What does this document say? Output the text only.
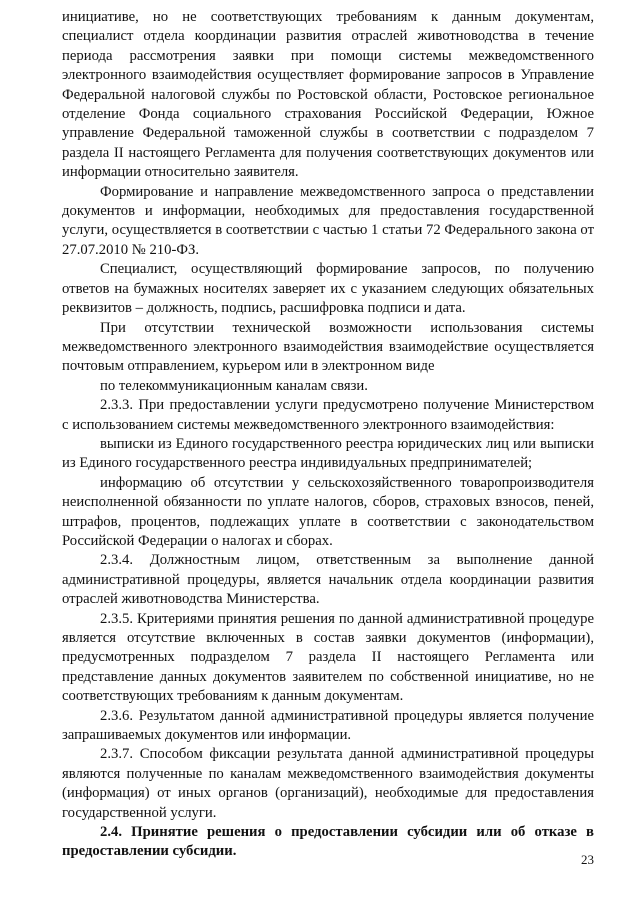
инициативе, но не соответствующих требованиям к данным документам, специалист отдела координации развития отраслей животноводства в течение периода рассмотрения заявки при помощи системы межведомственного электронного взаимодействия осуществляет формирование запросов в Управление Федеральной налоговой службы по Ростовской области, Ростовское региональное отделение Фонда социального страхования Российской Федерации, Южное управление Федеральной таможенной службы в соответствии с подразделом 7 раздела II настоящего Регламента для получения соответствующих документов или информации относительно заявителя.

Формирование и направление межведомственного запроса о представлении документов и информации, необходимых для предоставления государственной услуги, осуществляется в соответствии с частью 1 статьи 72 Федерального закона от 27.07.2010 № 210-ФЗ.

Специалист, осуществляющий формирование запросов, по получению ответов на бумажных носителях заверяет их с указанием следующих обязательных реквизитов – должность, подпись, расшифровка подписи и дата.

При отсутствии технической возможности использования системы межведомственного электронного взаимодействия взаимодействие осуществляется почтовым отправлением, курьером или в электронном виде

по телекоммуникационным каналам связи.

2.3.3. При предоставлении услуги предусмотрено получение Министерством с использованием системы межведомственного электронного взаимодействия:

выписки из Единого государственного реестра юридических лиц или выписки из Единого государственного реестра индивидуальных предпринимателей;

информацию об отсутствии у сельскохозяйственного товаропроизводителя неисполненной обязанности по уплате налогов, сборов, страховых взносов, пеней, штрафов, процентов, подлежащих уплате в соответствии с законодательством Российской Федерации о налогах и сборах.

2.3.4. Должностным лицом, ответственным за выполнение данной административной процедуры, является начальник отдела координации развития отраслей животноводства Министерства.

2.3.5. Критериями принятия решения по данной административной процедуре является отсутствие включенных в состав заявки документов (информации), предусмотренных подразделом 7 раздела II настоящего Регламента или представление данных документов заявителем по собственной инициативе, но не соответствующих требованиям к данным документам.

2.3.6. Результатом данной административной процедуры является получение запрашиваемых документов или информации.

2.3.7. Способом фиксации результата данной административной процедуры являются полученные по каналам межведомственного взаимодействия документы (информация) от иных органов (организаций), необходимые для предоставления государственной услуги.

2.4. Принятие решения о предоставлении субсидии или об отказе в предоставлении субсидии.

23
